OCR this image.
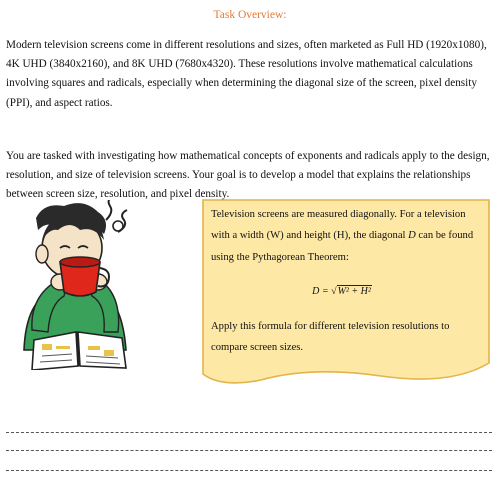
Task Overview:

Modern television screens come in different resolutions and sizes, often marketed as Full HD (1920x1080), 4K UHD (3840x2160), and 8K UHD (7680x4320). These resolutions involve mathematical calculations involving squares and radicals, especially when determining the diagonal size of the screen, pixel density (PPI), and aspect ratios.

You are tasked with investigating how mathematical concepts of exponents and radicals apply to the design, resolution, and size of television screens. Your goal is to develop a model that explains the relationships between screen size, resolution, and pixel density.

Television screens are measured diagonally. For a television with a width (W) and height (H), the diagonal D can be found using the Pythagorean Theorem:
D = √W² + H²
Apply this formula for different television resolutions to compare screen sizes.
